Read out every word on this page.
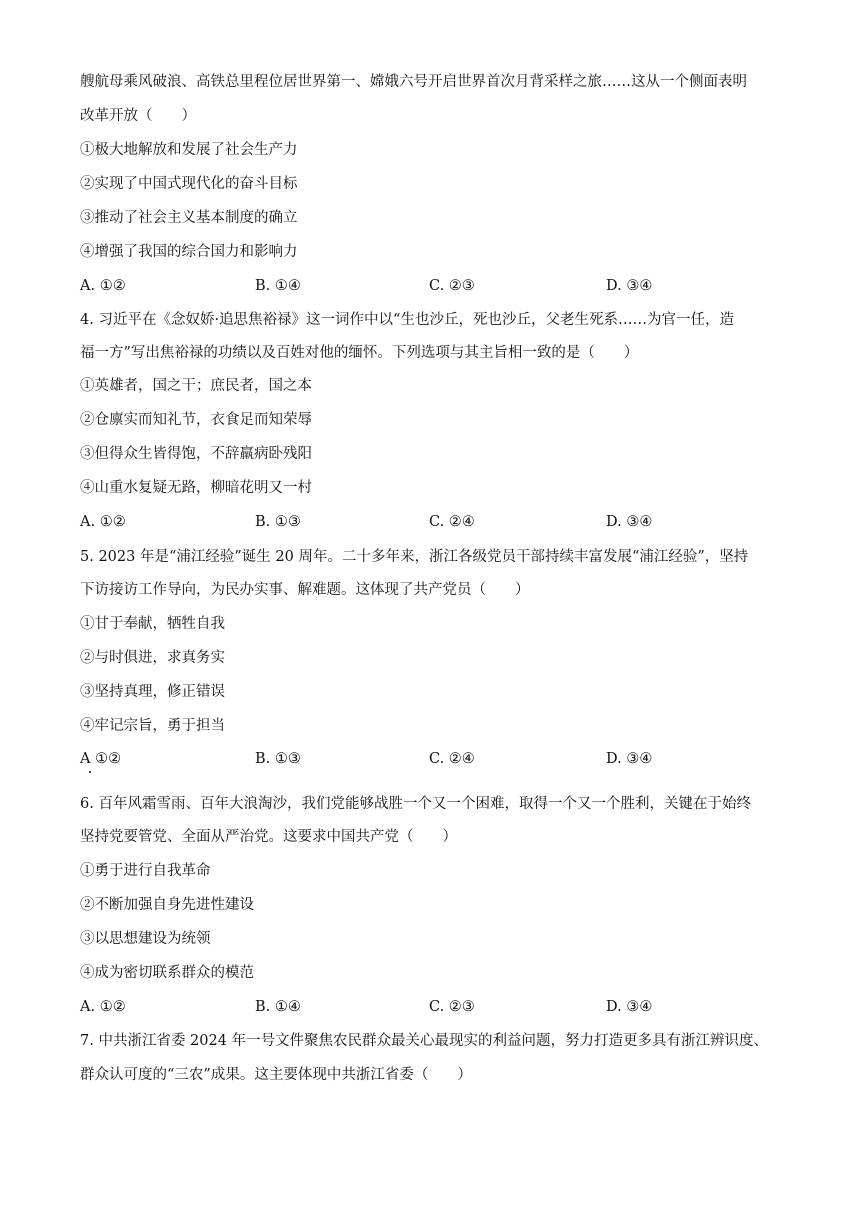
艘航母乘风破浪、高铁总里程位居世界第一、嫦娥六号开启世界首次月背采样之旅……这从一个侧面表明
改革开放（　　）
①极大地解放和发展了社会生产力
②实现了中国式现代化的奋斗目标
③推动了社会主义基本制度的确立
④增强了我国的综合国力和影响力
A. ①②	B. ①④	C. ②③	D. ③④
4. 习近平在《念奴娇·追思焦裕禄》这一词作中以“生也沙丘，死也沙丘，父老生死系……为官一任，造
福一方”写出焦裕禄的功绩以及百姓对他的缅怀。下列选项与其主旨相一致的是（　　）
①英雄者，国之干；庶民者，国之本
②仓廪实而知礼节，衣食足而知荣辱
③但得众生皆得饱，不辞羸病卧残阳
④山重水复疑无路，柳暗花明又一村
A. ①②	B. ①③	C. ②④	D. ③④
5. 2023 年是“浦江经验”诞生 20 周年。二十多年来，浙江各级党员干部持续丰富发展“浦江经验”，坚持
下访接访工作导向，为民办实事、解难题。这体现了共产党员（　　）
①甘于奉献，牺牲自我
②与时俱进，求真务实
③坚持真理，修正错误
④牢记宗旨，勇于担当
A ①②	B. ①③	C. ②④	D. ③④
6. 百年风霜雪雨、百年大浪淘沙，我们党能够战胜一个又一个困难，取得一个又一个胜利，关键在于始终
坚持党要管党、全面从严治党。这要求中国共产党（　　）
①勇于进行自我革命
②不断加强自身先进性建设
③以思想建设为统领
④成为密切联系群众的模范
A. ①②	B. ①④	C. ②③	D. ③④
7. 中共浙江省委 2024 年一号文件聚焦农民群众最关心最现实的利益问题，努力打造更多具有浙江辨识度、
群众认可度的“三农”成果。这主要体现中共浙江省委（　　）
